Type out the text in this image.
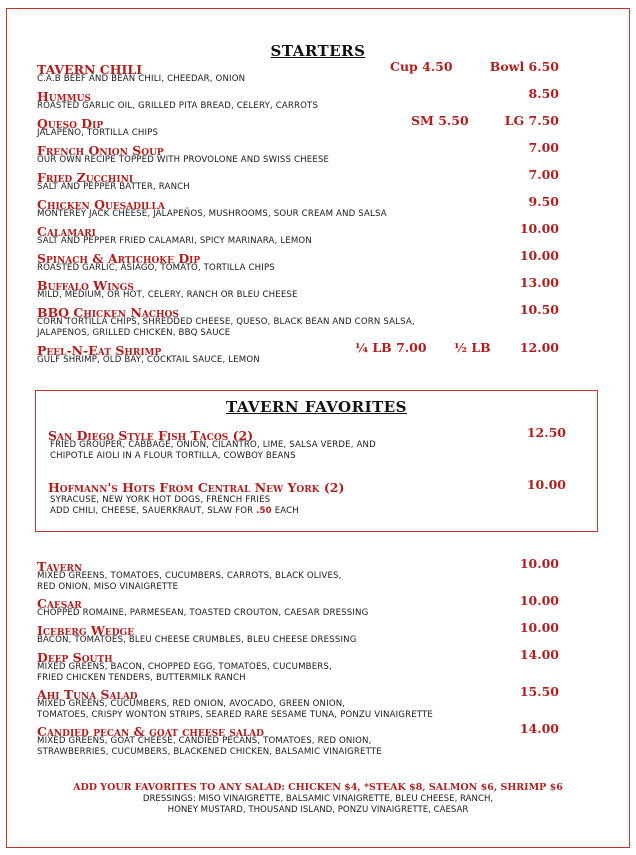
STARTERS
TAVERN CHILI	Cup 4.50	Bowl 6.50
C.A.B BEEF AND BEAN CHILI, CHEEDAR, ONION
Hummus	8.50
ROASTED GARLIC OIL, GRILLED PITA BREAD, CELERY, CARROTS
Queso Dip	SM 5.50	LG 7.50
JALAPENO, TORTILLA CHIPS
French Onion Soup	7.00
OUR OWN RECIPE TOPPED WITH PROVOLONE AND SWISS CHEESE
Fried Zucchini	7.00
SALT AND PEPPER BATTER, RANCH
Chicken Quesadilla	9.50
MONTEREY JACK CHEESE, JALAPEÑOS, MUSHROOMS, SOUR CREAM AND SALSA
Calamari	10.00
SALT AND PEPPER FRIED CALAMARI, SPICY MARINARA, LEMON
Spinach & Artichoke Dip	10.00
ROASTED GARLIC, ASIAGO, TOMATO, TORTILLA CHIPS
Buffalo Wings	13.00
MILD, MEDIUM, OR HOT, CELERY, RANCH OR BLEU CHEESE
BBQ Chicken Nachos	10.50
CORN TORTILLA CHIPS, SHREDDED CHEESE, QUESO, BLACK BEAN AND CORN SALSA,
JALAPENOS, GRILLED CHICKEN, BBQ SAUCE
Peel-N-Eat Shrimp	¼ LB 7.00 ½ LB 12.00
GULF SHRIMP, OLD BAY, COCKTAIL SAUCE, LEMON
TAVERN FAVORITES
San Diego Style Fish Tacos (2)	12.50
FRIED GROUPER, CABBAGE, ONION, CILANTRO, LIME, SALSA VERDE, AND
CHIPOTLE AIOLI IN A FLOUR TORTILLA, COWBOY BEANS
Hofmann's Hots From Central New York (2)	10.00
SYRACUSE, NEW YORK HOT DOGS, FRENCH FRIES
ADD CHILI, CHEESE, SAUERKRAUT, SLAW FOR .50 EACH
Tavern	10.00
MIXED GREENS, TOMATOES, CUCUMBERS, CARROTS, BLACK OLIVES,
RED ONION, MISO VINAIGRETTE
Caesar	10.00
CHOPPED ROMAINE, PARMESEAN, TOASTED CROUTON, CAESAR DRESSING
Iceberg Wedge	10.00
BACON, TOMATOES, BLEU CHEESE CRUMBLES, BLEU CHEESE DRESSING
Deep South	14.00
MIXED GREENS, BACON, CHOPPED EGG, TOMATOES, CUCUMBERS,
FRIED CHICKEN TENDERS, BUTTERMILK RANCH
Ahi Tuna Salad	15.50
MIXED GREENS, CUCUMBERS, RED ONION, AVOCADO, GREEN ONION,
TOMATOES, CRISPY WONTON STRIPS, SEARED RARE SESAME TUNA, PONZU VINAIGRETTE
Candied pecan & goat cheese salad	14.00
MIXED GREENS, GOAT CHEESE, CANDIED PECANS, TOMATOES, RED ONION,
STRAWBERRIES, CUCUMBERS, BLACKENED CHICKEN, BALSAMIC VINAIGRETTE
ADD YOUR FAVORITES TO ANY SALAD: CHICKEN $4, *STEAK $8, SALMON $6, SHRIMP $6
DRESSINGS: MISO VINAIGRETTE, BALSAMIC VINAIGRETTE, BLEU CHEESE, RANCH,
HONEY MUSTARD, THOUSAND ISLAND, PONZU VINAIGRETTE, CAESAR
